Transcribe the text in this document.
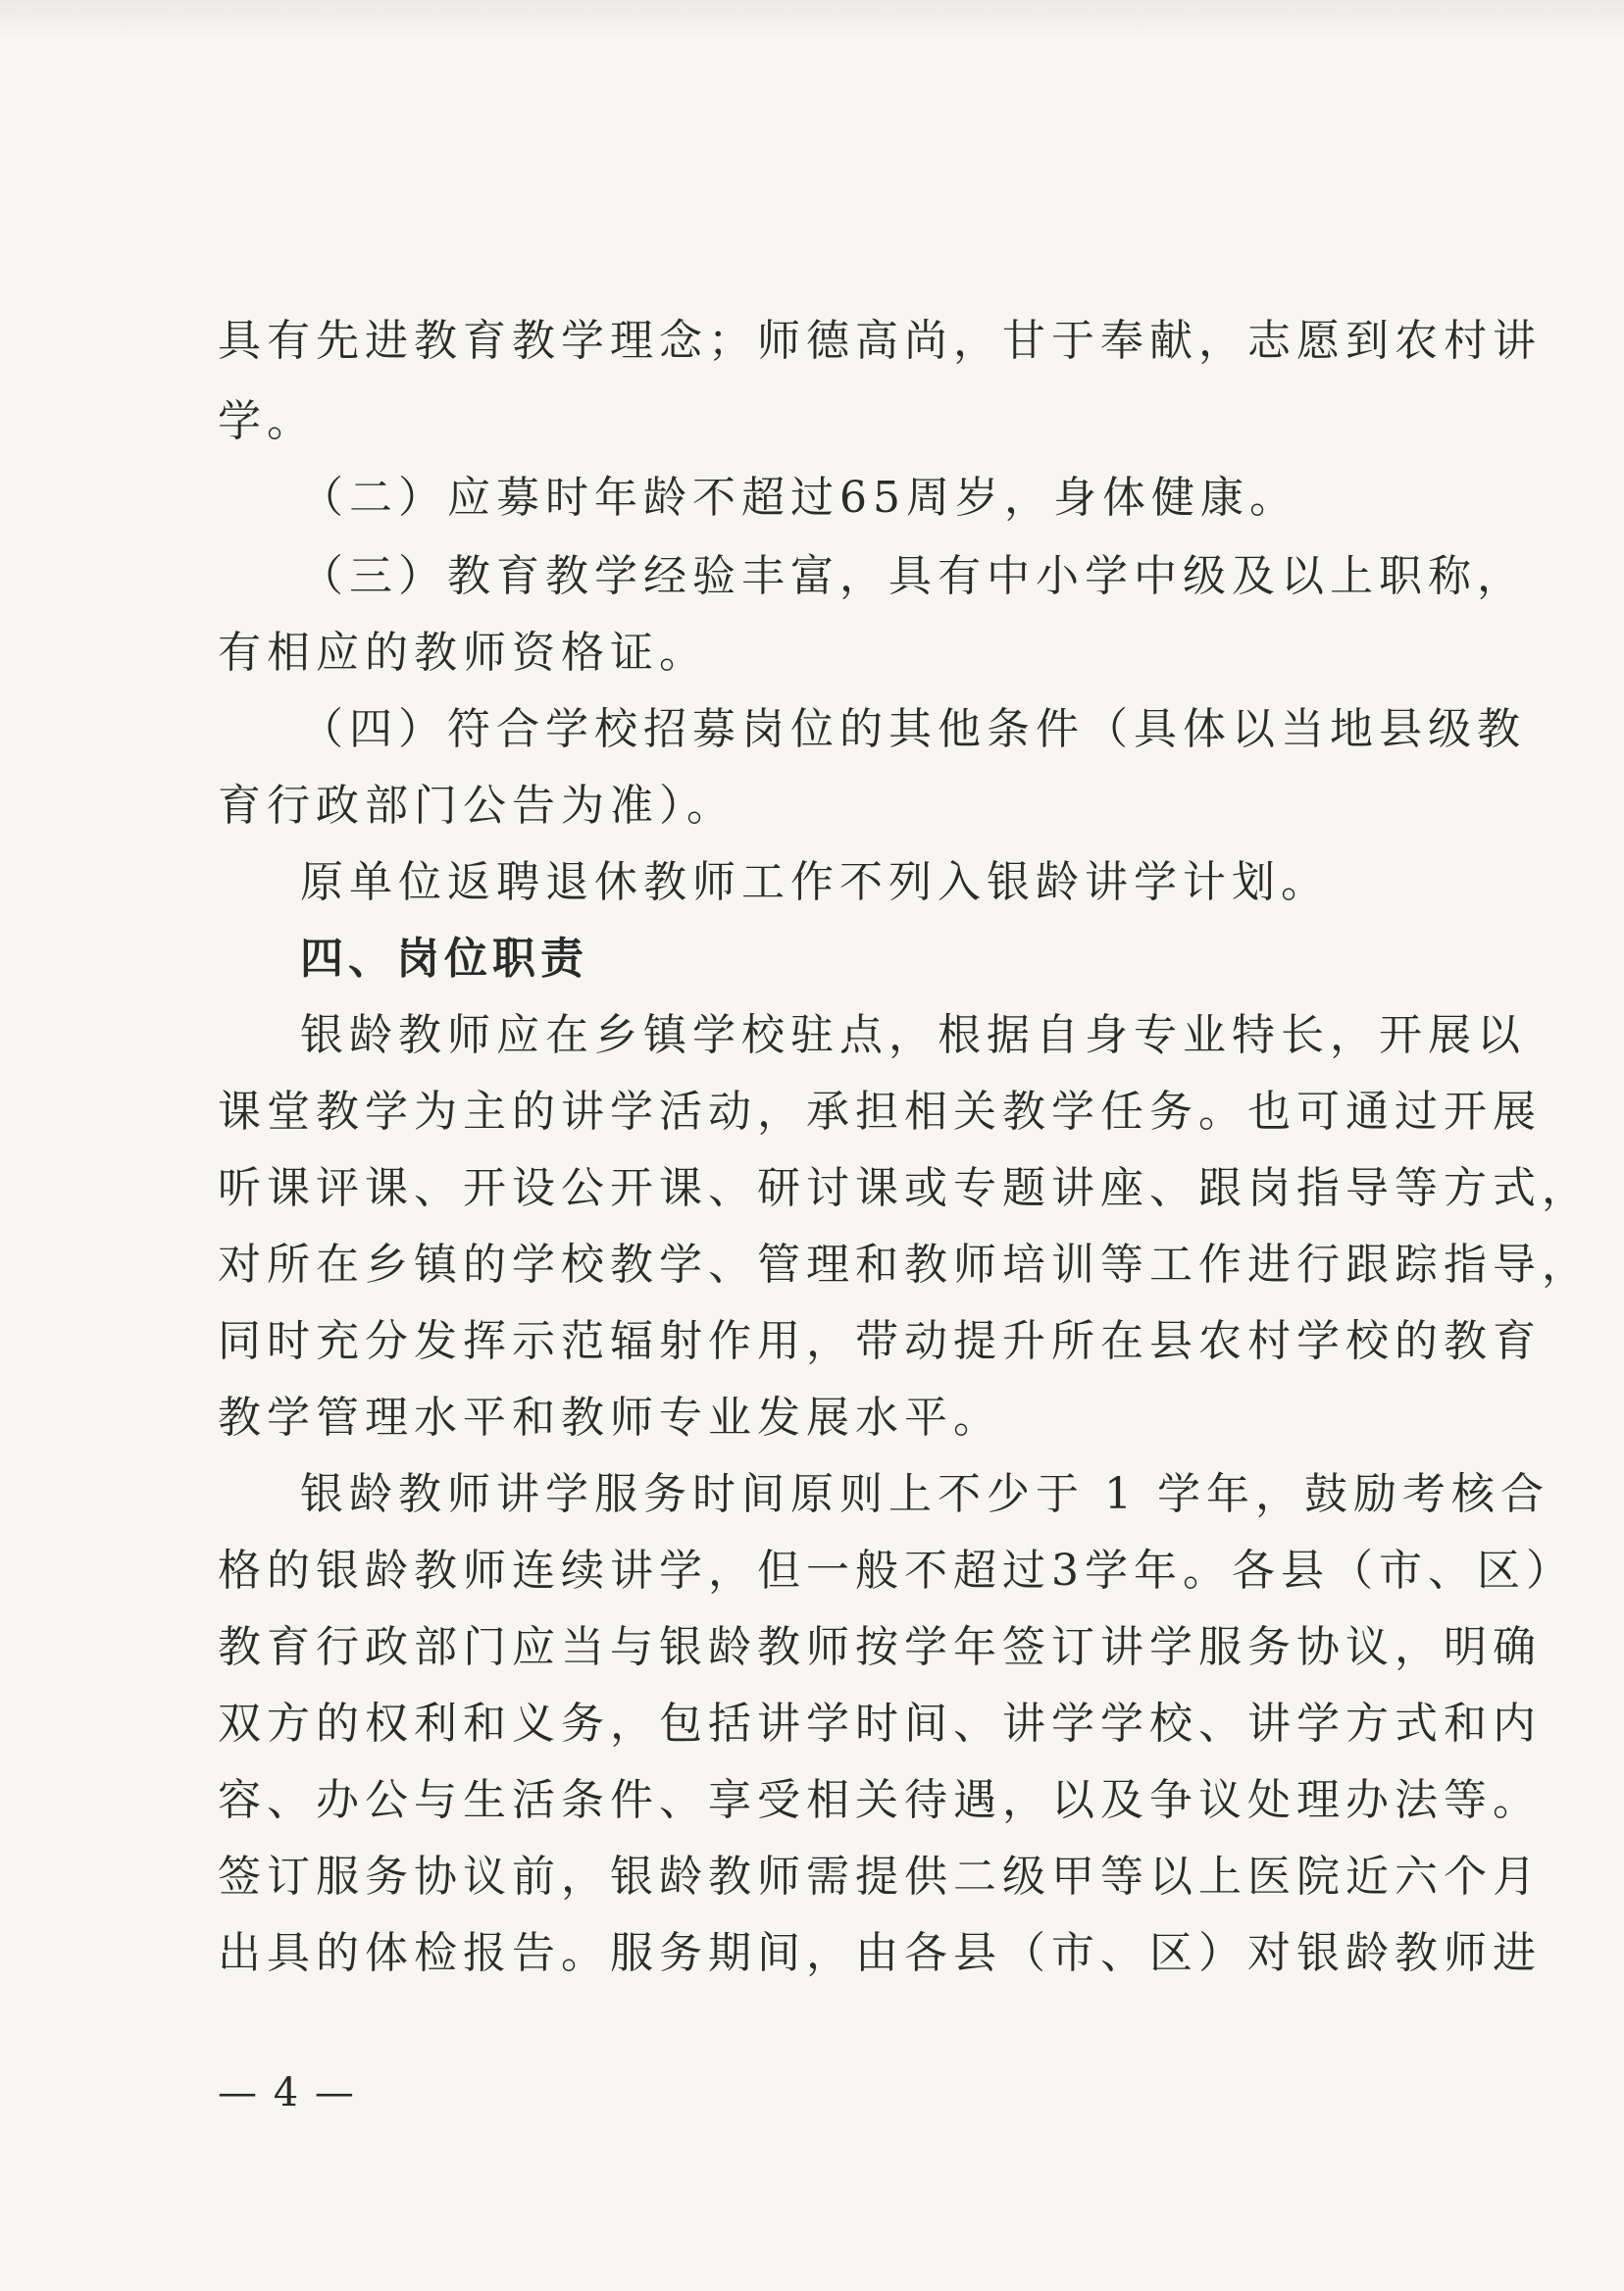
具有先进教育教学理念；师德高尚，甘于奉献，志愿到农村讲
学。
（二）应募时年龄不超过65周岁，身体健康。
（三）教育教学经验丰富，具有中小学中级及以上职称，
有相应的教师资格证。
（四）符合学校招募岗位的其他条件（具体以当地县级教
育行政部门公告为准）。
原单位返聘退休教师工作不列入银龄讲学计划。
四、岗位职责
银龄教师应在乡镇学校驻点，根据自身专业特长，开展以
课堂教学为主的讲学活动，承担相关教学任务。也可通过开展
听课评课、开设公开课、研讨课或专题讲座、跟岗指导等方式，
对所在乡镇的学校教学、管理和教师培训等工作进行跟踪指导，
同时充分发挥示范辐射作用，带动提升所在县农村学校的教育
教学管理水平和教师专业发展水平。
银龄教师讲学服务时间原则上不少于 1 学年，鼓励考核合
格的银龄教师连续讲学，但一般不超过3学年。各县（市、区）
教育行政部门应当与银龄教师按学年签订讲学服务协议，明确
双方的权利和义务，包括讲学时间、讲学学校、讲学方式和内
容、办公与生活条件、享受相关待遇，以及争议处理办法等。
签订服务协议前，银龄教师需提供二级甲等以上医院近六个月
出具的体检报告。服务期间，由各县（市、区）对银龄教师进
— 4 —
